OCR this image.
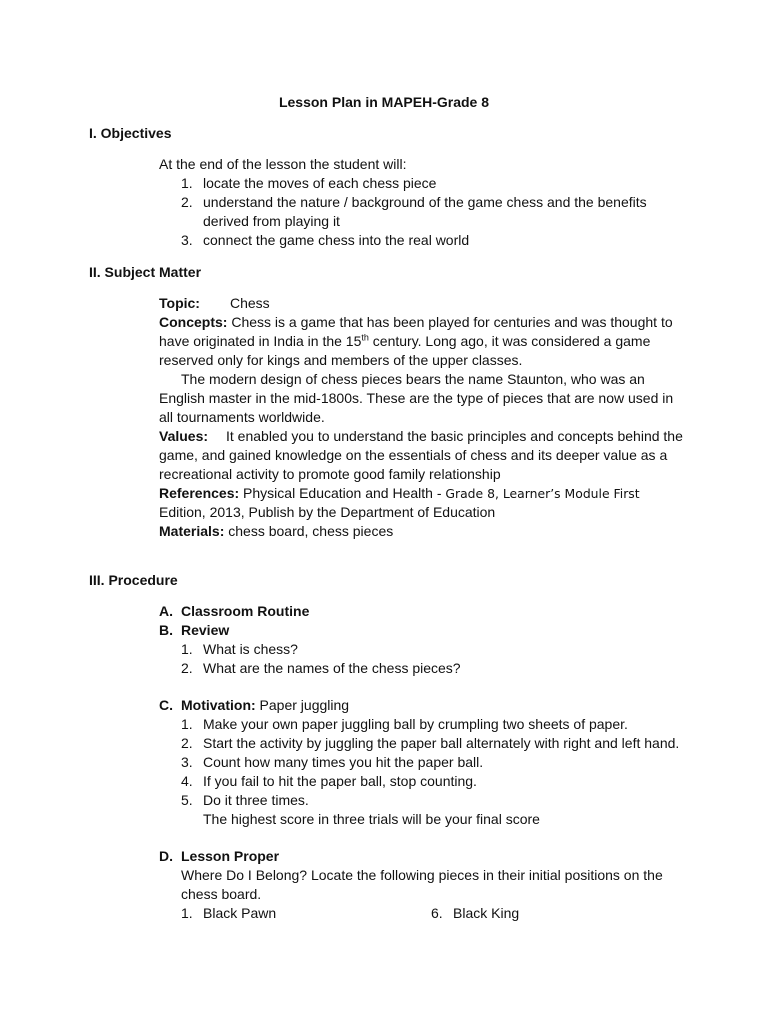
Lesson Plan in MAPEH-Grade 8
I. Objectives
At the end of the lesson the student will:
1. locate the moves of each chess piece
2. understand the nature / background of the game chess and the benefits
derived from playing it
3. connect the game chess into the real world
II. Subject Matter
Topic: Chess
Concepts: Chess is a game that has been played for centuries and was thought to
have originated in India in the 15th century. Long ago, it was considered a game
reserved only for kings and members of the upper classes.
The modern design of chess pieces bears the name Staunton, who was an
English master in the mid-1800s. These are the type of pieces that are now used in
all tournaments worldwide.
Values: It enabled you to understand the basic principles and concepts behind the
game, and gained knowledge on the essentials of chess and its deeper value as a
recreational activity to promote good family relationship
References: Physical Education and Health - Grade 8, Learner’s Module First
Edition, 2013, Publish by the Department of Education
Materials: chess board, chess pieces
III. Procedure
A. Classroom Routine
B. Review
1. What is chess?
2. What are the names of the chess pieces?
C. Motivation: Paper juggling
1. Make your own paper juggling ball by crumpling two sheets of paper.
2. Start the activity by juggling the paper ball alternately with right and left hand.
3. Count how many times you hit the paper ball.
4. If you fail to hit the paper ball, stop counting.
5. Do it three times.
The highest score in three trials will be your final score
D. Lesson Proper
Where Do I Belong? Locate the following pieces in their initial positions on the
chess board.
1. Black Pawn	6. Black King
